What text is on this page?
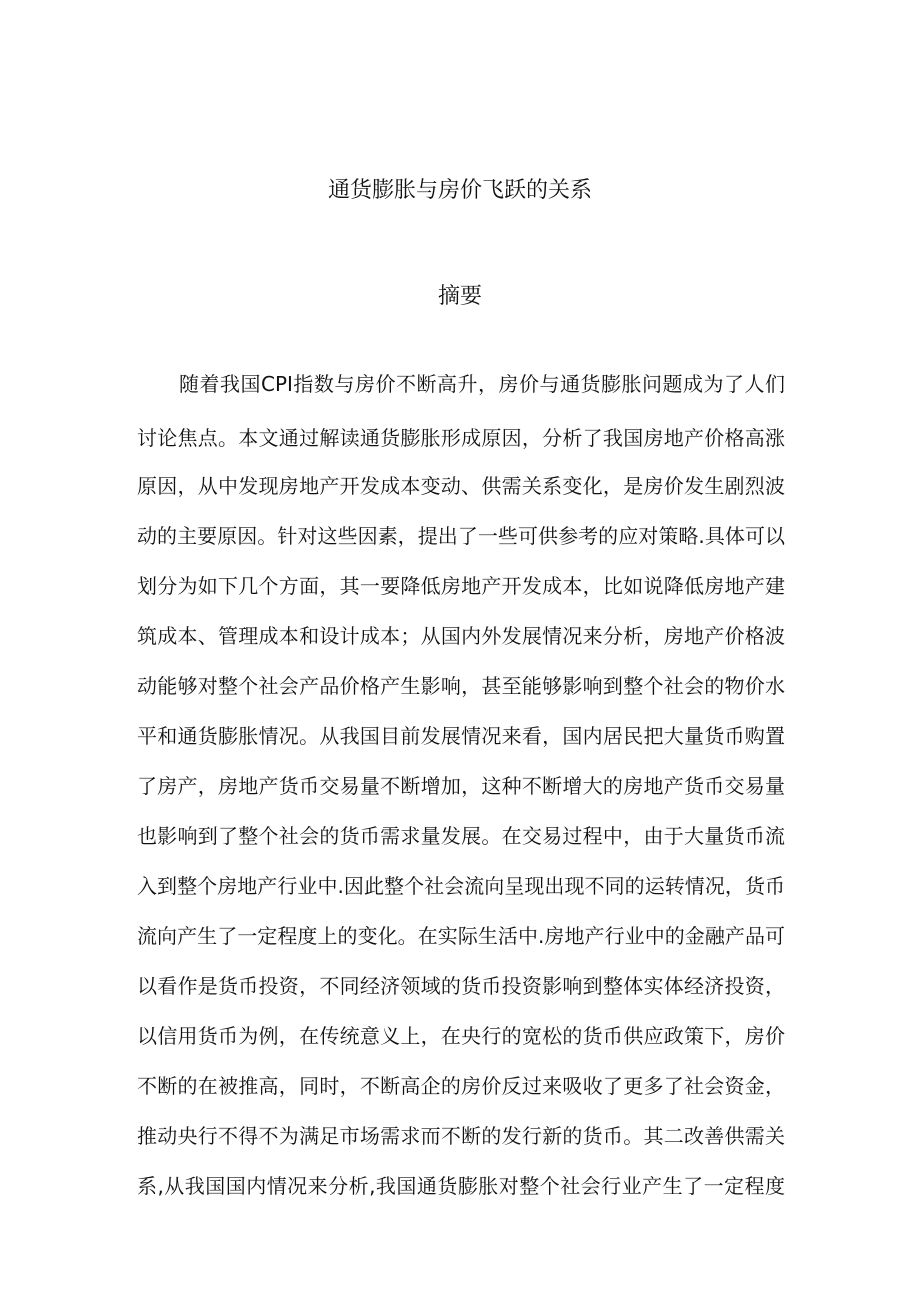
通货膨胀与房价飞跃的关系
摘要
随着我国CPI指数与房价不断高升，房价与通货膨胀问题成为了人们
讨论焦点。本文通过解读通货膨胀形成原因，分析了我国房地产价格高涨
原因，从中发现房地产开发成本变动、供需关系变化，是房价发生剧烈波
动的主要原因。针对这些因素，提出了一些可供参考的应对策略.具体可以
划分为如下几个方面，其一要降低房地产开发成本，比如说降低房地产建
筑成本、管理成本和设计成本；从国内外发展情况来分析，房地产价格波
动能够对整个社会产品价格产生影响，甚至能够影响到整个社会的物价水
平和通货膨胀情况。从我国目前发展情况来看，国内居民把大量货币购置
了房产，房地产货币交易量不断增加，这种不断增大的房地产货币交易量
也影响到了整个社会的货币需求量发展。在交易过程中，由于大量货币流
入到整个房地产行业中.因此整个社会流向呈现出现不同的运转情况，货币
流向产生了一定程度上的变化。在实际生活中.房地产行业中的金融产品可
以看作是货币投资，不同经济领域的货币投资影响到整体实体经济投资，
以信用货币为例，在传统意义上，在央行的宽松的货币供应政策下，房价
不断的在被推高，同时，不断高企的房价反过来吸收了更多了社会资金，
推动央行不得不为满足市场需求而不断的发行新的货币。其二改善供需关
系,从我国国内情况来分析,我国通货膨胀对整个社会行业产生了一定程度
